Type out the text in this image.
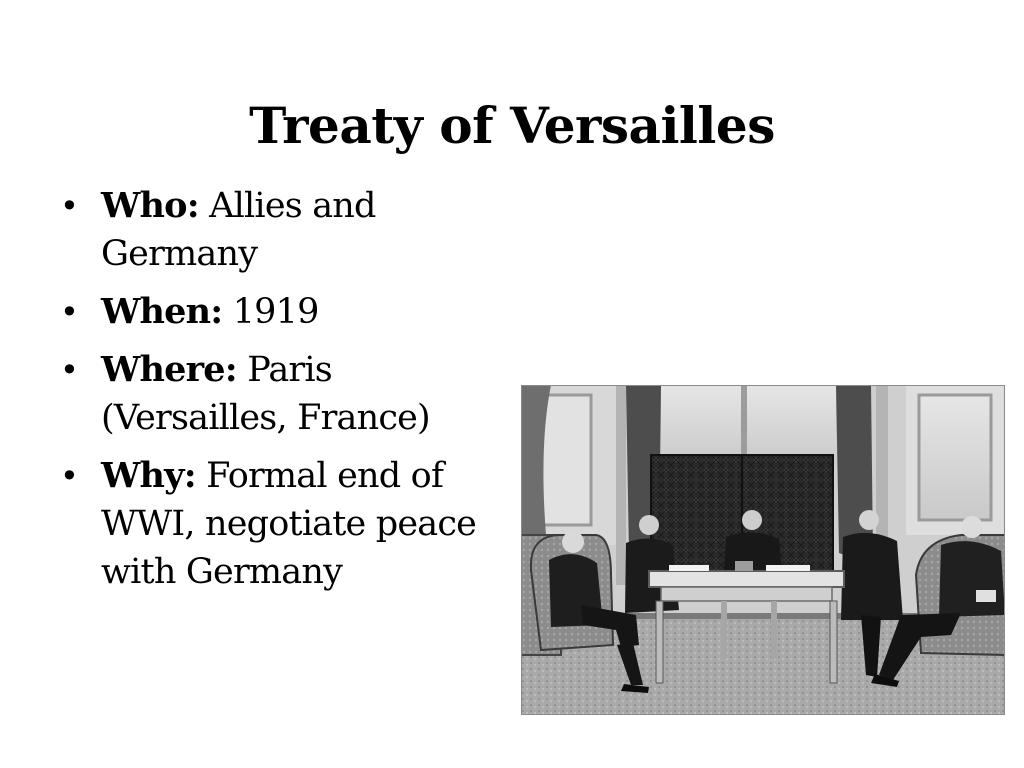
Treaty of Versailles
• Who: Allies and Germany
• When: 1919
• Where: Paris (Versailles, France)
• Why: Formal end of WWI, negotiate peace with Germany
